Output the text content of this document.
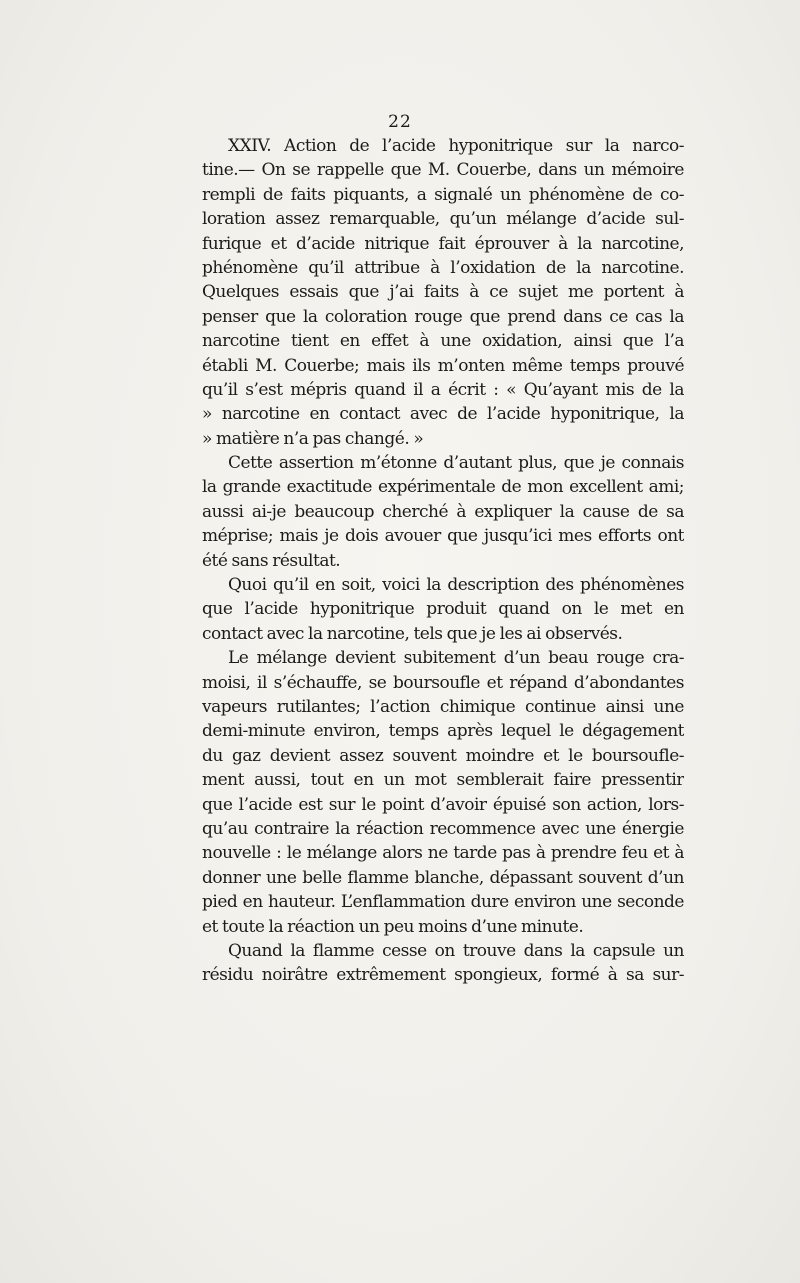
22
XXIV. Action de l’acide hyponitrique sur la narco-
tine.— On se rappelle que M. Couerbe, dans un mémoire
rempli de faits piquants, a signalé un phénomène de co-
loration assez remarquable, qu’un mélange d’acide sul-
furique et d’acide nitrique fait éprouver à la narcotine,
phénomène qu’il attribue à l’oxidation de la narcotine.
Quelques essais que j’ai faits à ce sujet me portent à
penser que la coloration rouge que prend dans ce cas la
narcotine tient en effet à une oxidation, ainsi que l’a
établi M. Couerbe; mais ils m’onten même temps prouvé
qu’il s’est mépris quand il a écrit : « Qu’ayant mis de la
» narcotine en contact avec de l’acide hyponitrique, la
» matière n’a pas changé. »
Cette assertion m’étonne d’autant plus, que je connais
la grande exactitude expérimentale de mon excellent ami;
aussi ai-je beaucoup cherché à expliquer la cause de sa
méprise; mais je dois avouer que jusqu’ici mes efforts ont
été sans résultat.
Quoi qu’il en soit, voici la description des phénomènes
que l’acide hyponitrique produit quand on le met en
contact avec la narcotine, tels que je les ai observés.
Le mélange devient subitement d’un beau rouge cra-
moisi, il s’échauffe, se boursoufle et répand d’abondantes
vapeurs rutilantes; l’action chimique continue ainsi une
demi-minute environ, temps après lequel le dégagement
du gaz devient assez souvent moindre et le boursoufle-
ment aussi, tout en un mot semblerait faire pressentir
que l’acide est sur le point d’avoir épuisé son action, lors-
qu’au contraire la réaction recommence avec une énergie
nouvelle : le mélange alors ne tarde pas à prendre feu et à
donner une belle flamme blanche, dépassant souvent d’un
pied en hauteur. L’enflammation dure environ une seconde
et toute la réaction un peu moins d’une minute.
Quand la flamme cesse on trouve dans la capsule un
résidu noirâtre extrêmement spongieux, formé à sa sur-
